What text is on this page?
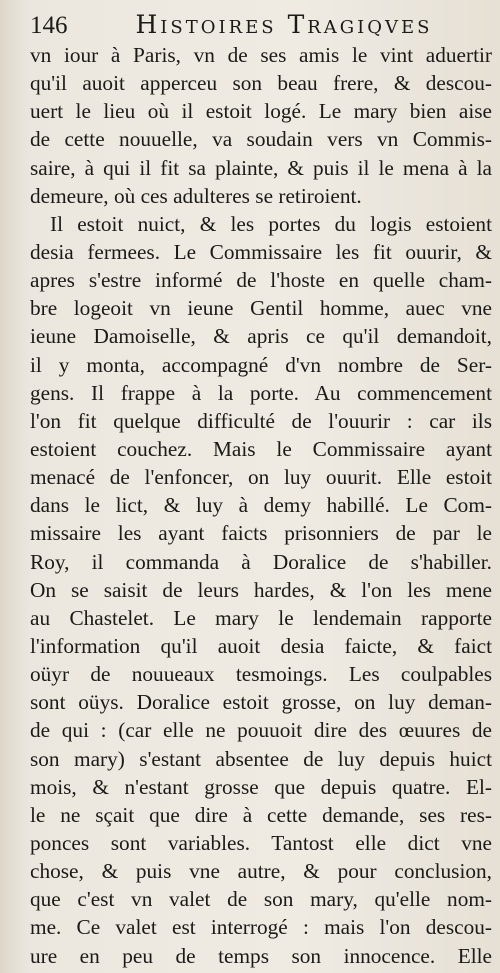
146	Histoires Tragiqves
vn iour à Paris, vn de ses amis le vint aduertir
qu'il auoit apperceu son beau frere, & descou-
uert le lieu où il estoit logé. Le mary bien aise
de cette nouuelle, va soudain vers vn Commis-
saire, à qui il fit sa plainte, & puis il le mena à la
demeure, où ces adulteres se retiroient.
Il estoit nuict, & les portes du logis estoient
desia fermees. Le Commissaire les fit ouurir, &
apres s'estre informé de l'hoste en quelle cham-
bre logeoit vn ieune Gentil homme, auec vne
ieune Damoiselle, & apris ce qu'il demandoit,
il y monta, accompagné d'vn nombre de Ser-
gens. Il frappe à la porte. Au commencement
l'on fit quelque difficulté de l'ouurir : car ils
estoient couchez. Mais le Commissaire ayant
menacé de l'enfoncer, on luy ouurit. Elle estoit
dans le lict, & luy à demy habillé. Le Com-
missaire les ayant faicts prisonniers de par le
Roy, il commanda à Doralice de s'habiller.
On se saisit de leurs hardes, & l'on les mene
au Chastelet. Le mary le lendemain rapporte
l'information qu'il auoit desia faicte, & faict
oüyr de nouueaux tesmoings. Les coulpables
sont oüys. Doralice estoit grosse, on luy deman-
de qui : (car elle ne pouuoit dire des œuures de
son mary) s'estant absentee de luy depuis huict
mois, & n'estant grosse que depuis quatre. El-
le ne sçait que dire à cette demande, ses res-
ponces sont variables. Tantost elle dict vne
chose, & puis vne autre, & pour conclusion,
que c'est vn valet de son mary, qu'elle nom-
me. Ce valet est interrogé : mais l'on descou-
ure en peu de temps son innocence. Elle
